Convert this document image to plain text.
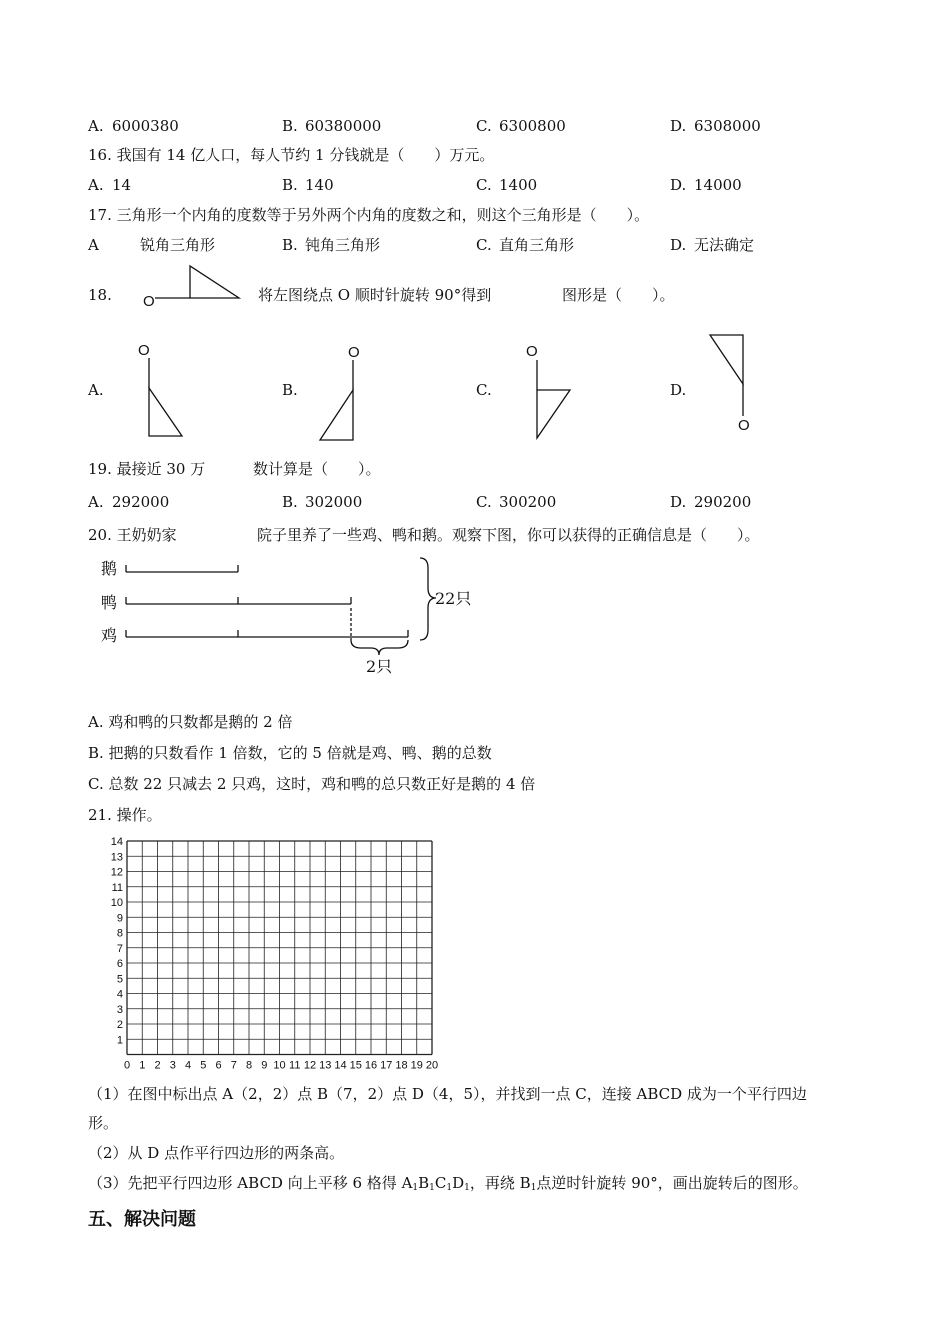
A. 6000380	B. 60380000	C. 6300800	D. 6308000
16. 我国有 14 亿人口，每人节约 1 分钱就是（　　）万元。
A. 14	B. 140	C. 1400	D. 14000
17. 三角形一个内角的度数等于另外两个内角的度数之和，则这个三角形是（　　）。
A	锐角三角形	B. 钝角三角形	C. 直角三角形	D. 无法确定
18. O	将左图绕点 O 顺时针旋转 90°得到	图形是（　　）。
A.
O
B.
O
C.
O
D.
O
19. 最接近 30 万	数计算是（　　）。
A. 292000	B. 302000	C. 300200	D. 290200
20. 王奶奶家	院子里养了一些鸡、鸭和鹅。观察下图，你可以获得的正确信息是（　　）。
鹅
鸭
鸡
22只
2只
A. 鸡和鸭的只数都是鹅的 2 倍
B. 把鹅的只数看作 1 倍数，它的 5 倍就是鸡、鸭、鹅的总数
C. 总数 22 只减去 2 只鸡，这时，鸡和鸭的总只数正好是鹅的 4 倍
21. 操作。
0 1 2 3 4 5 6 7 8 9 10 11 12 13 14 15 16 17 18 19 20
1
2
3
4
5
6
7
8
9
10
11
12
13
14
（1）在图中标出点 A（2，2）点 B（7，2）点 D（4，5），并找到一点 C，连接 ABCD 成为一个平行四边
形。
（2）从 D 点作平行四边形的两条高。
（3）先把平行四边形 ABCD 向上平移 6 格得 $A_1B_1C_1D_1$，再绕 $B_1$点逆时针旋转 90°，画出旋转后的图形。
五、解决问题
